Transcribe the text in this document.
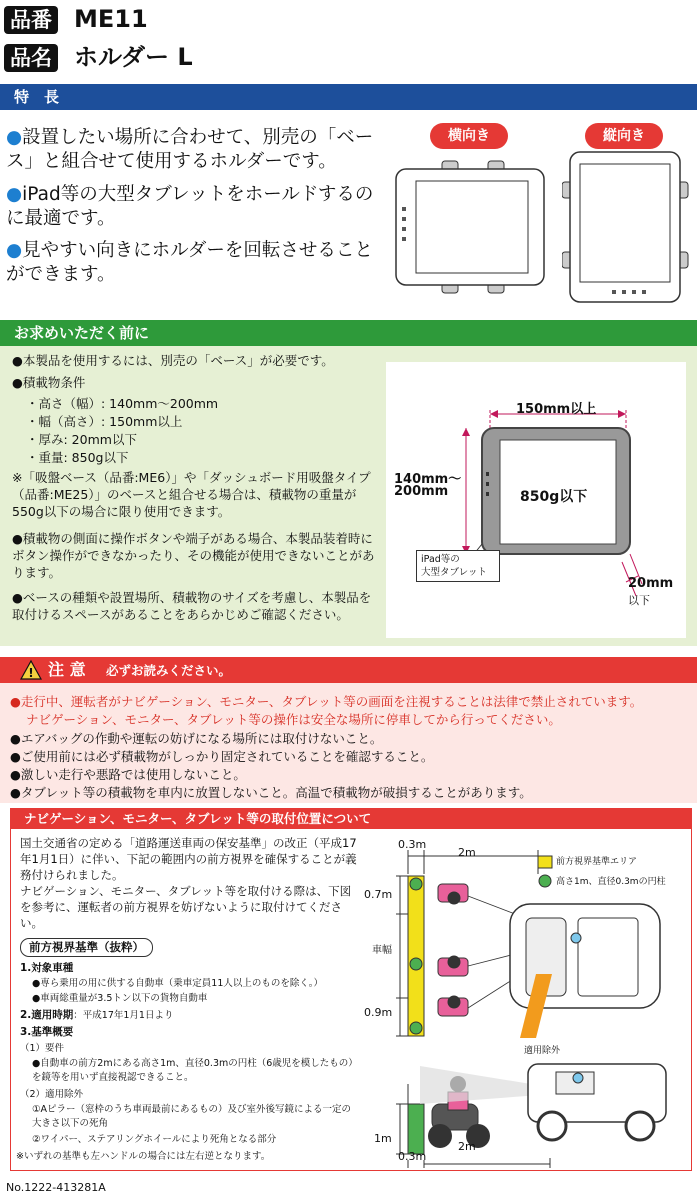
品番 ME11
品名 ホルダー L
特　長
●設置したい場所に合わせて、別売の「ベース」と組合せて使用するホルダーです。
●iPad等の大型タブレットをホールドするのに最適です。
●見やすい向きにホルダーを回転させることができます。
横向き	縦向き
お求めいただく前に
●本製品を使用するには、別売の「ベース」が必要です。
●積載物条件
・高さ（幅）: 140mm～200mm
・幅（高さ）: 150mm以上
・厚み: 20mm以下
・重量: 850g以下
※「吸盤ベース（品番:ME6）」や「ダッシュボード用吸盤タイプ（品番:ME25）」のベースと組合せる場合は、積載物の重量が550g以下の場合に限り使用できます。
●積載物の側面に操作ボタンや端子がある場合、本製品装着時にボタン操作ができなかったり、その機能が使用できないことがあります。
●ベースの種類や設置場所、積載物のサイズを考慮し、本製品を取付けるスペースがあることをあらかじめご確認ください。
150mm以上
140mm～
200mm	850g以下
iPad等の
大型タブレット
20mm
以下
! 注 意 必ずお読みください。
●走行中、運転者がナビゲーション、モニター、タブレット等の画面を注視することは法律で禁止されています。
ナビゲーション、モニター、タブレット等の操作は安全な場所に停車してから行ってください。
●エアバッグの作動や運転の妨げになる場所には取付けないこと。
●ご使用前には必ず積載物がしっかり固定されていることを確認すること。
●激しい走行や悪路では使用しないこと。
●タブレット等の積載物を車内に放置しないこと。高温で積載物が破損することがあります。
ナビゲーション、モニター、タブレット等の取付位置について
国土交通省の定める「道路運送車両の保安基準」の改正（平成17年1月1日）に伴い、下記の範囲内の前方視界を確保することが義務付けられました。
ナビゲーション、モニター、タブレット等を取付ける際は、下図を参考に、運転者の前方視界を妨げないように取付けてください。
前方視界基準（抜粋）
1.対象車種
●専ら乗用の用に供する自動車（乗車定員11人以上のものを除く。）
●車両総重量が3.5トン以下の貨物自動車
2.適用時期：平成17年1月1日より
3.基準概要
（1）要件
●自動車の前方2mにある高さ1m、直径0.3mの円柱（6歳児を模したもの）を鏡等を用いず直接視認できること。
（2）適用除外
①Aピラー（窓枠のうち車両最前にあるもの）及び室外後写鏡による一定の大きさ以下の死角
②ワイパー、ステアリングホイールにより死角となる部分
※いずれの基準も左ハンドルの場合には左右逆となります。
0.3m
2m
前方視界基準エリア
高さ1m、直径0.3mの円柱
0.7m
車幅
0.9m
適用除外
1m
0.3m
2m
No.1222-413281A
